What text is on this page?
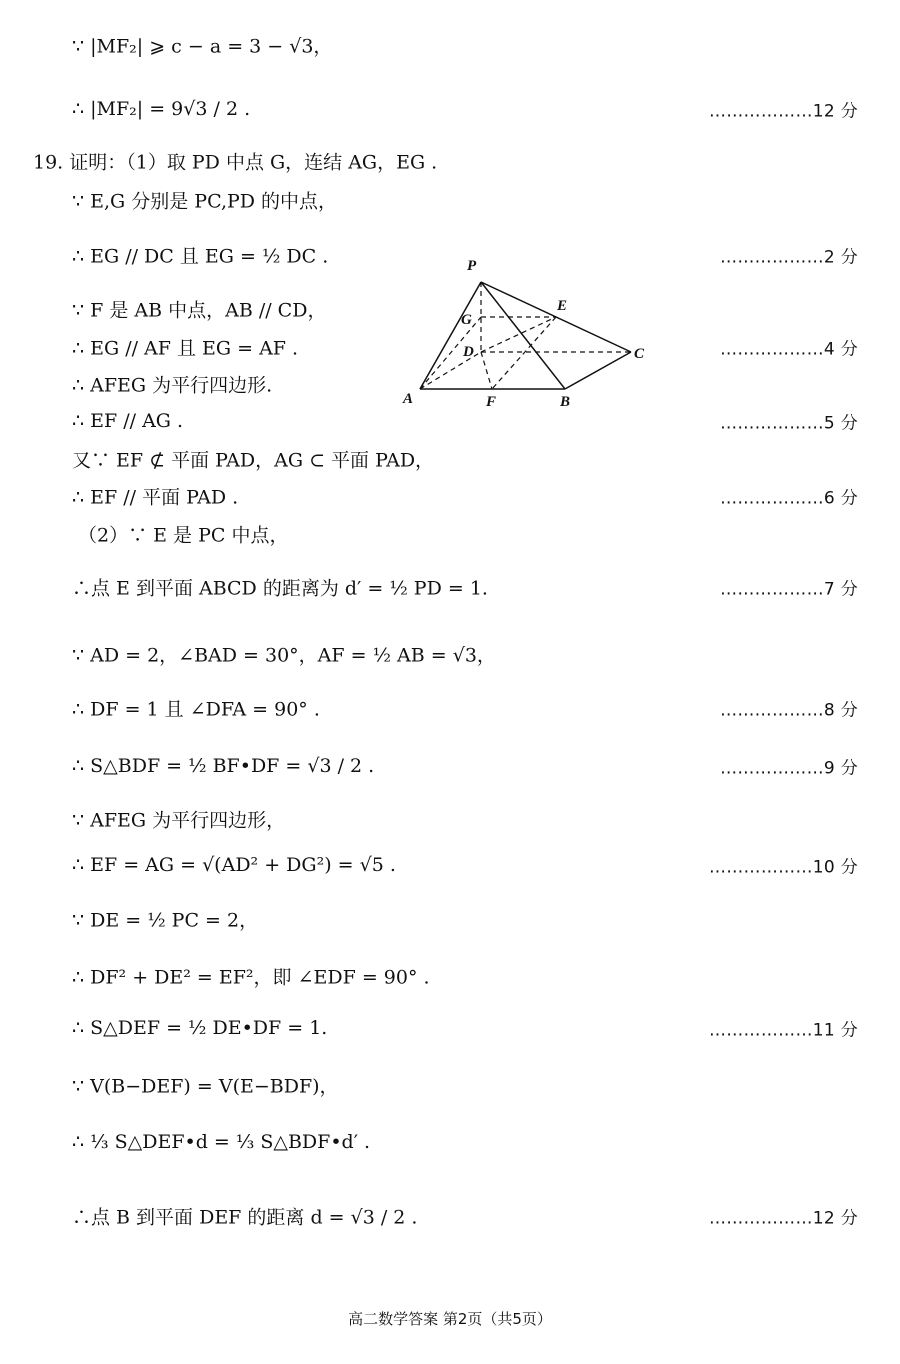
∵ |MF₂| ⩾ c − a = 3 − √3，
∴ |MF₂| = 9√3 / 2 .	………………12 分
19. 证明：（1）取 PD 中点 G，连结 AG，EG .
∵ E,G 分别是 PC,PD 的中点，
∴ EG // DC 且 EG = ½ DC .	………………2 分
∵ F 是 AB 中点，AB // CD，
∴ EG // AF 且 EG = AF .	………………4 分
∴ AFEG 为平行四边形.
∴ EF // AG .	………………5 分
又∵ EF ⊄ 平面 PAD，AG ⊂ 平面 PAD，
∴ EF // 平面 PAD .	………………6 分
（2）∵ E 是 PC 中点，
∴点 E 到平面 ABCD 的距离为 d′ = ½ PD = 1.	………………7 分
∵ AD = 2，∠BAD = 30°，AF = ½ AB = √3，
∴ DF = 1 且 ∠DFA = 90° .	………………8 分
∴ S△BDF = ½ BF•DF = √3 / 2 .	………………9 分
∵ AFEG 为平行四边形，
∴ EF = AG = √(AD² + DG²) = √5 .	………………10 分
∵ DE = ½ PC = 2，
∴ DF² + DE² = EF²，即 ∠EDF = 90° .
∴ S△DEF = ½ DE•DF = 1.	………………11 分
∵ V(B−DEF) = V(E−BDF)，
∴ ⅓ S△DEF•d = ⅓ S△BDF•d′ .
∴点 B 到平面 DEF 的距离 d = √3 / 2 .	………………12 分
P
G
D
E
C
A	F	B
高二数学答案 第2页（共5页）
